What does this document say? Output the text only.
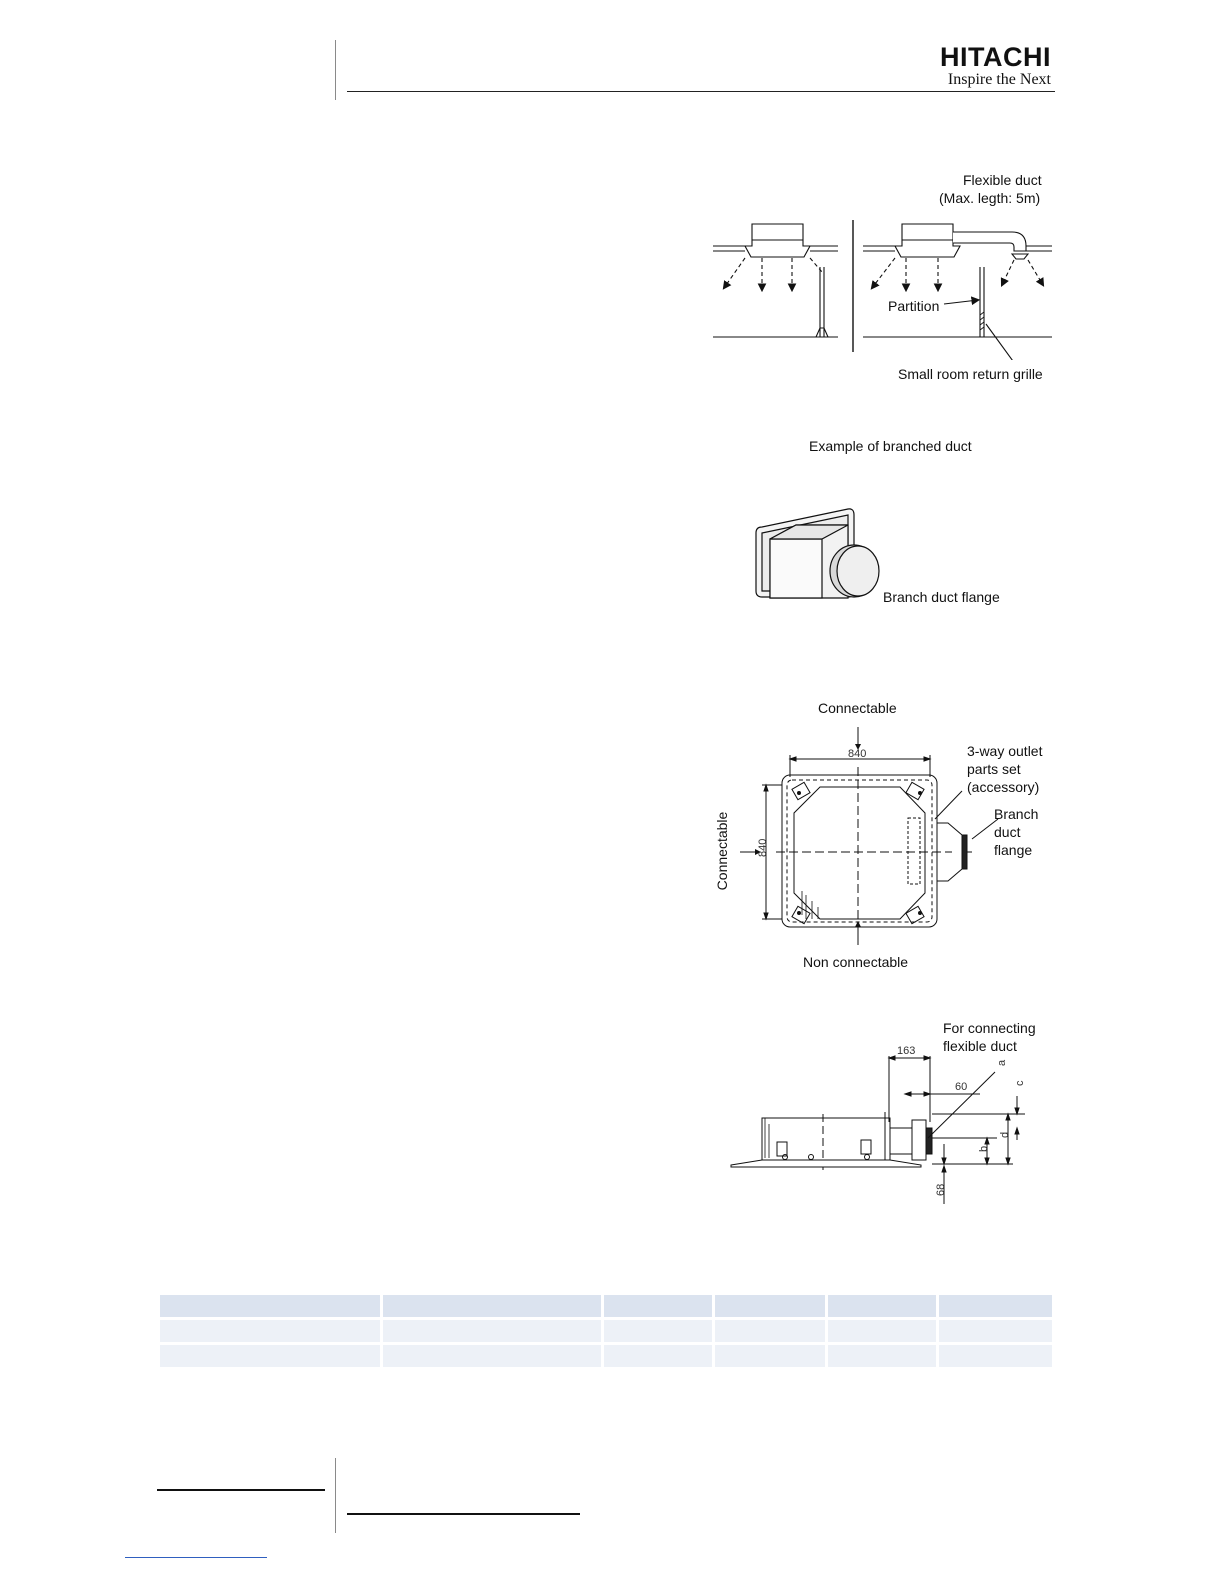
HITACHI
Inspire the Next
Flexible duct
(Max. legth: 5m)
Partition
Small room return grille
Example of branched duct
Branch duct flange
Connectable
Connectable
Non connectable
3-way outlet
parts set
(accessory)
Branch
duct
flange
840
840
For connecting
flexible duct
163
60
68
a
b
c
d
